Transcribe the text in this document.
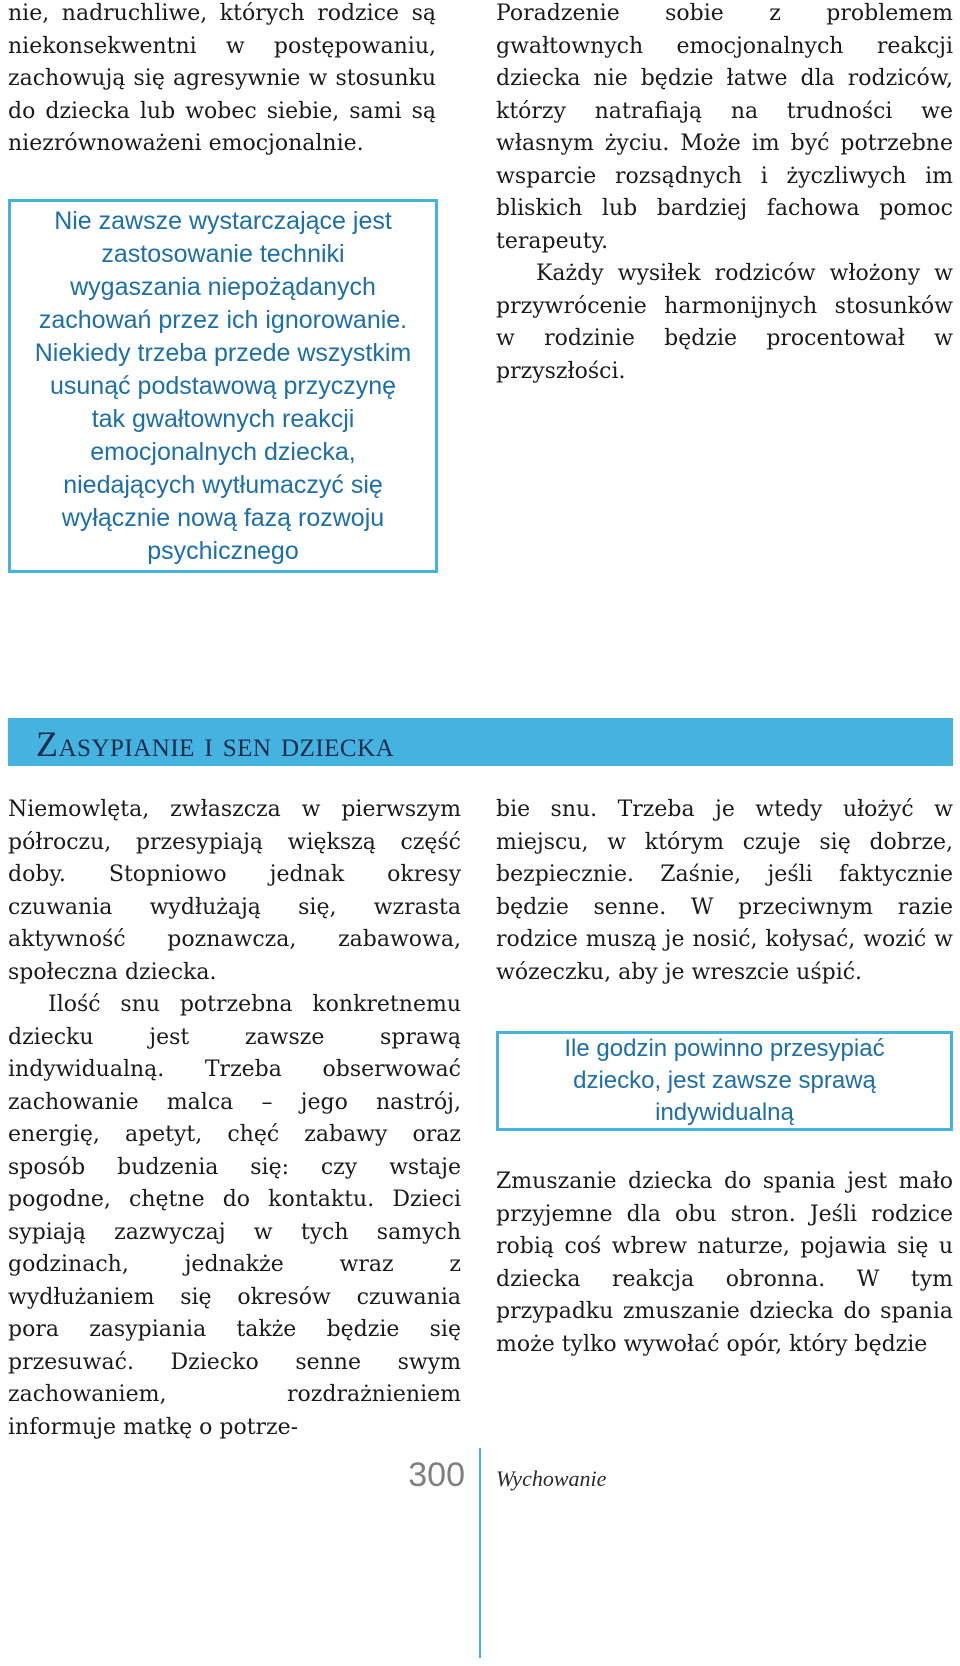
nie, nadruchliwe, których rodzice są niekonsekwentni w postępowaniu, zachowują się agresywnie w stosunku do dziecka lub wobec siebie, sami są niezrównoważeni emocjonalnie.

Nie zawsze wystarczające jest zastosowanie techniki wygaszania niepożądanych zachowań przez ich ignorowanie. Niekiedy trzeba przede wszystkim usunąć podstawową przyczynę tak gwałtownych reakcji emocjonalnych dziecka, niedających wytłumaczyć się wyłącznie nową fazą rozwoju psychicznego

Poradzenie sobie z problemem gwałtownych emocjonalnych reakcji dziecka nie będzie łatwe dla rodziców, którzy natrafiają na trudności we własnym życiu. Może im być potrzebne wsparcie rozsądnych i życzliwych im bliskich lub bardziej fachowa pomoc terapeuty.

Każdy wysiłek rodziców włożony w przywrócenie harmonijnych stosunków w rodzinie będzie procentował w przyszłości.

Zasypianie i sen dziecka

Niemowlęta, zwłaszcza w pierwszym półroczu, przesypiają większą część doby. Stopniowo jednak okresy czuwania wydłużają się, wzrasta aktywność poznawcza, zabawowa, społeczna dziecka.

Ilość snu potrzebna konkretnemu dziecku jest zawsze sprawą indywidualną. Trzeba obserwować zachowanie malca – jego nastrój, energię, apetyt, chęć zabawy oraz sposób budzenia się: czy wstaje pogodne, chętne do kontaktu. Dzieci sypiają zazwyczaj w tych samych godzinach, jednakże wraz z wydłużaniem się okresów czuwania pora zasypiania także będzie się przesuwać. Dziecko senne swym zachowaniem, rozdrażnieniem informuje matkę o potrze-

bie snu. Trzeba je wtedy ułożyć w miejscu, w którym czuje się dobrze, bezpiecznie. Zaśnie, jeśli faktycznie będzie senne. W przeciwnym razie rodzice muszą je nosić, kołysać, wozić w wózeczku, aby je wreszcie uśpić.

Ile godzin powinno przesypiać dziecko, jest zawsze sprawą indywidualną

Zmuszanie dziecka do spania jest mało przyjemne dla obu stron. Jeśli rodzice robią coś wbrew naturze, pojawia się u dziecka reakcja obronna. W tym przypadku zmuszanie dziecka do spania może tylko wywołać opór, który będzie

300 Wychowanie
